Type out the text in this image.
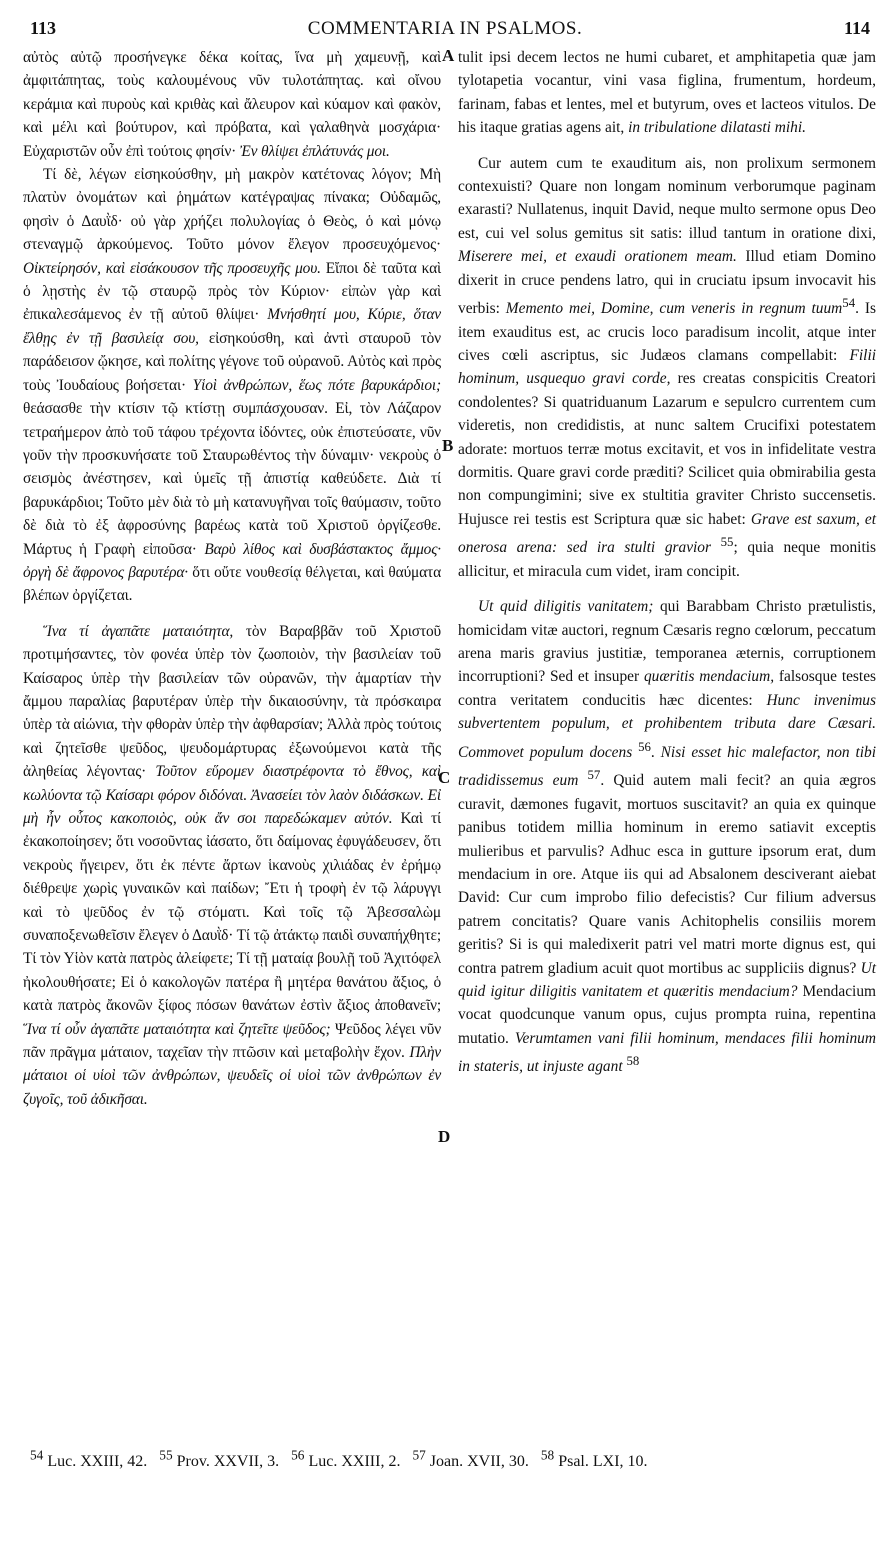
113	COMMENTARIA IN PSALMOS.	114
A
B
C
D

αὐτὸς αὐτῷ προσήνεγκε δέκα κοίτας, ἵνα μὴ χαμευνῇ, καὶ ἀμφιτάπητας, τοὺς καλουμένους νῦν τυλοτάπητας. καὶ οἴνου κεράμια καὶ πυροὺς καὶ κριθὰς καὶ ἄλευρον καὶ κύαμον καὶ φακὸν, καὶ μέλι καὶ βούτυρον, καὶ πρόβατα, καὶ γαλαθηνὰ μοσχάρια· Εὐχαριστῶν οὖν ἐπὶ τούτοις φησίν· Ἐν θλίψει ἐπλάτυνάς μοι.

Τί δὲ, λέγων εἰσηκούσθην, μὴ μακρὸν κατέτονας λόγον; Μὴ πλατὺν ὀνομάτων καὶ ῥημάτων κατέγραψας πίνακα; Οὐδαμῶς, φησὶν ὁ Δαυῒδ· οὐ γὰρ χρήζει πολυλογίας ὁ Θεὸς, ὁ καὶ μόνῳ στεναγμῷ ἀρκούμενος. Τοῦτο μόνον ἔλεγον προσευχόμενος· Οἰκτείρησόν, καὶ εἰσάκουσον τῆς προσευχῆς μου. Εἴποι δὲ ταῦτα καὶ ὁ λῃστὴς ἐν τῷ σταυρῷ πρὸς τὸν Κύριον· εἰπὼν γὰρ καὶ ἐπικαλεσάμενος ἐν τῇ αὐτοῦ θλίψει· Μνήσθητί μου, Κύριε, ὅταν ἔλθῃς ἐν τῇ βασιλείᾳ σου, εἰσηκούσθη, καὶ ἀντὶ σταυροῦ τὸν παράδεισον ᾤκησε, καὶ πολίτης γέγονε τοῦ οὐρανοῦ. Αὐτὸς καὶ πρὸς τοὺς Ἰουδαίους βοήσεται· Υἱοὶ ἀνθρώπων, ἕως πότε βαρυκάρδιοι; θεάσασθε τὴν κτίσιν τῷ κτίστῃ συμπάσχουσαν. Εἰ, τὸν Λάζαρον τετραήμερον ἀπὸ τοῦ τάφου τρέχοντα ἰδόντες, οὐκ ἐπιστεύσατε, νῦν γοῦν τὴν προσκυνήσατε τοῦ Σταυρωθέντος τὴν δύναμιν· νεκροὺς ὁ σεισμὸς ἀνέστησεν, καὶ ὑμεῖς τῇ ἀπιστίᾳ καθεύδετε. Διὰ τί βαρυκάρδιοι; Τοῦτο μὲν διὰ τὸ μὴ κατανυγῆναι τοῖς θαύμασιν, τοῦτο δὲ διὰ τὸ ἐξ ἀφροσύνης βαρέως κατὰ τοῦ Χριστοῦ ὀργίζεσθε. Μάρτυς ἡ Γραφὴ εἰποῦσα· Βαρὺ λίθος καὶ δυσβάστακτος ἄμμος· ὀργὴ δὲ ἄφρονος βαρυτέρα· ὅτι οὔτε νουθεσίᾳ θέλγεται, καὶ θαύματα βλέπων ὀργίζεται.

Ἵνα τί ἀγαπᾶτε ματαιότητα, τὸν Βαραββᾶν τοῦ Χριστοῦ προτιμήσαντες, τὸν φονέα ὑπὲρ τὸν ζωοποιὸν, τὴν βασιλείαν τοῦ Καίσαρος ὑπὲρ τὴν βασιλείαν τῶν οὐρανῶν, τὴν ἁμαρτίαν τὴν ἄμμου παραλίας βαρυτέραν ὑπὲρ τὴν δικαιοσύνην, τὰ πρόσκαιρα ὑπὲρ τὰ αἰώνια, τὴν φθορὰν ὑπὲρ τὴν ἀφθαρσίαν; Ἀλλὰ πρὸς τούτοις καὶ ζητεῖσθε ψεῦδος, ψευδομάρτυρας ἐξωνούμενοι κατὰ τῆς ἀληθείας λέγοντας· Τοῦτον εὕρομεν διαστρέφοντα τὸ ἔθνος, καὶ κωλύοντα τῷ Καίσαρι φόρον διδόναι. Ἀνασείει τὸν λαὸν διδάσκων. Εἰ μὴ ἦν οὗτος κακοποιὸς, οὐκ ἄν σοι παρεδώκαμεν αὐτόν. Καὶ τί ἐκακοποίησεν; ὅτι νοσοῦντας ἰάσατο, ὅτι δαίμονας ἐφυγάδευσεν, ὅτι νεκροὺς ἤγειρεν, ὅτι ἐκ πέντε ἄρτων ἱκανοὺς χιλιάδας ἐν ἐρήμῳ διέθρεψε χωρὶς γυναικῶν καὶ παίδων; Ἔτι ἡ τροφὴ ἐν τῷ λάρυγγι καὶ τὸ ψεῦδος ἐν τῷ στόματι. Καὶ τοῖς τῷ Ἀβεσσαλὼμ συναποξενωθεῖσιν ἔλεγεν ὁ Δαυῒδ· Τί τῷ ἀτάκτῳ παιδὶ συναπήχθητε; Τί τὸν Υἱὸν κατὰ πατρὸς ἀλείφετε; Τί τῇ ματαίᾳ βουλῇ τοῦ Ἀχιτόφελ ἠκολουθήσατε; Εἰ ὁ κακολογῶν πατέρα ἢ μητέρα θανάτου ἄξιος, ὁ κατὰ πατρὸς ἄκονῶν ξίφος πόσων θανάτων ἐστὶν ἄξιος ἀποθανεῖν; Ἵνα τί οὖν ἀγαπᾶτε ματαιότητα καὶ ζητεῖτε ψεῦδος; Ψεῦδος λέγει νῦν πᾶν πρᾶγμα μάταιον, ταχεῖαν τὴν πτῶσιν καὶ μεταβολὴν ἔχον. Πλὴν μάταιοι οἱ υἱοὶ τῶν ἀνθρώπων, ψευδεῖς οἱ υἱοὶ τῶν ἀνθρώπων ἐν ζυγοῖς, τοῦ ἀδικῆσαι.

tulit ipsi decem lectos ne humi cubaret, et amphitapetia quæ jam tylotapetia vocantur, vini vasa figlina, frumentum, hordeum, farinam, fabas et lentes, mel et butyrum, oves et lacteos vitulos. De his itaque gratias agens ait, in tribulatione dilatasti mihi.

Cur autem cum te exauditum ais, non prolixum sermonem contexuisti? Quare non longam nominum verborumque paginam exarasti? Nullatenus, inquit David, neque multo sermone opus Deo est, cui vel solus gemitus sit satis: illud tantum in oratione dixi, Miserere mei, et exaudi orationem meam. Illud etiam Domino dixerit in cruce pendens latro, qui in cruciatu ipsum invocavit his verbis: Memento mei, Domine, cum veneris in regnum tuum$^{54}$. Is item exauditus est, ac crucis loco paradisum incolit, atque inter cives cœli ascriptus, sic Judæos clamans compellabit: Filii hominum, usquequo gravi corde, res creatas conspicitis Creatori condolentes? Si quatriduanum Lazarum e sepulcro currentem cum videretis, non credidistis, at nunc saltem Crucifixi potestatem adorate: mortuos terræ motus excitavit, et vos in infidelitate vestra dormitis. Quare gravi corde præditi? Scilicet quia obmirabilia gesta non compungimini; sive ex stultitia graviter Christo succensetis. Hujusce rei testis est Scriptura quæ sic habet: Grave est saxum, et onerosa arena: sed ira stulti gravior $^{55}$; quia neque monitis allicitur, et miracula cum videt, iram concipit.

Ut quid diligitis vanitatem; qui Barabbam Christo prætulistis, homicidam vitæ auctori, regnum Cæsaris regno cœlorum, peccatum arena maris gravius justitiæ, temporanea æternis, corruptionem incorruptioni? Sed et insuper quæritis mendacium, falsosque testes contra veritatem conducitis hæc dicentes: Hunc invenimus subvertentem populum, et prohibentem tributa dare Cæsari. Commovet populum docens $^{56}$. Nisi esset hic malefactor, non tibi tradidissemus eum $^{57}$. Quid autem mali fecit? an quia ægros curavit, dæmones fugavit, mortuos suscitavit? an quia ex quinque panibus totidem millia hominum in eremo satiavit exceptis mulieribus et parvulis? Adhuc esca in gutture ipsorum erat, dum mendacium in ore. Atque iis qui ad Absalonem desciverant aiebat David: Cur cum improbo filio defecistis? Cur filium adversus patrem concitatis? Quare vanis Achitophelis consiliis morem geritis? Si is qui maledixerit patri vel matri morte dignus est, qui contra patrem gladium acuit quot mortibus ac suppliciis dignus? Ut quid igitur diligitis vanitatem et quæritis mendacium? Mendacium vocat quodcunque vanum opus, cujus prompta ruina, repentina mutatio. Verumtamen vani filii hominum, mendaces filii hominum in stateris, ut injuste agant $^{58}$

$^{54}$ Luc. XXIII, 42. $^{55}$ Prov. XXVII, 3. $^{56}$ Luc. XXIII, 2. $^{57}$ Joan. XVII, 30. $^{58}$ Psal. LXI, 10.
